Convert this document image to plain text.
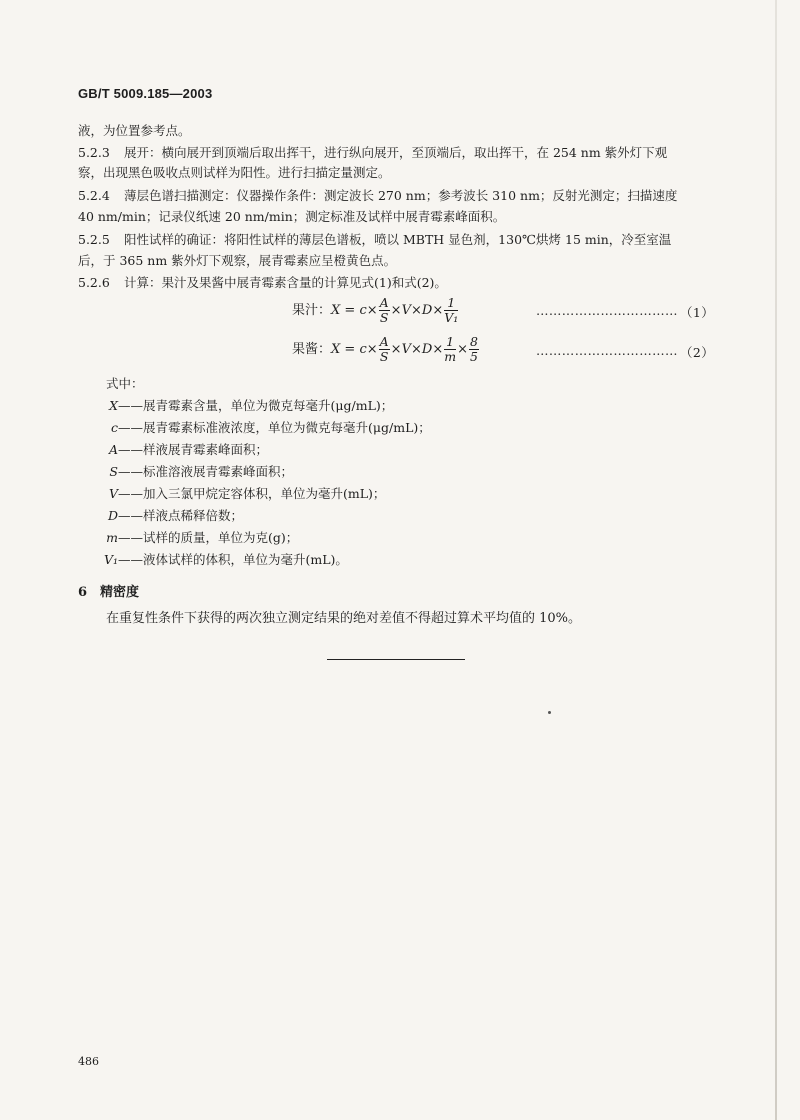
GB/T 5009.185—2003
液，为位置参考点。
5.2.3 展开：横向展开到顶端后取出挥干，进行纵向展开，至顶端后，取出挥干，在 254 nm 紫外灯下观
察，出现黑色吸收点则试样为阳性。进行扫描定量测定。
5.2.4 薄层色谱扫描测定：仪器操作条件：测定波长 270 nm；参考波长 310 nm；反射光测定；扫描速度
40 nm/min；记录仪纸速 20 nm/min；测定标准及试样中展青霉素峰面积。
5.2.5 阳性试样的确证：将阳性试样的薄层色谱板，喷以 MBTH 显色剂，130℃烘烤 15 min，冷至室温
后，于 365 nm 紫外灯下观察，展青霉素应呈橙黄色点。
5.2.6 计算：果汁及果酱中展青霉素含量的计算见式(1)和式(2)。
果汁：$X = c\times \frac{A}{S} \times V\times D\times \frac{1}{\text{V₁}}$	…………………………… （1）
果酱：$X = c\times \frac{A}{S} \times V\times D\times \frac{1}{m} \times \frac{8}{5}$	…………………………… （2）
式中：
X——展青霉素含量，单位为微克每毫升(μg/mL)；
c——展青霉素标准液浓度，单位为微克每毫升(μg/mL)；
A——样液展青霉素峰面积；
S——标准溶液展青霉素峰面积；
V——加入三氯甲烷定容体积，单位为毫升(mL)；
D——样液点稀释倍数；
m——试样的质量，单位为克(g)；
V₁——液体试样的体积，单位为毫升(mL)。
6 精密度
在重复性条件下获得的两次独立测定结果的绝对差值不得超过算术平均值的 10%。
486
